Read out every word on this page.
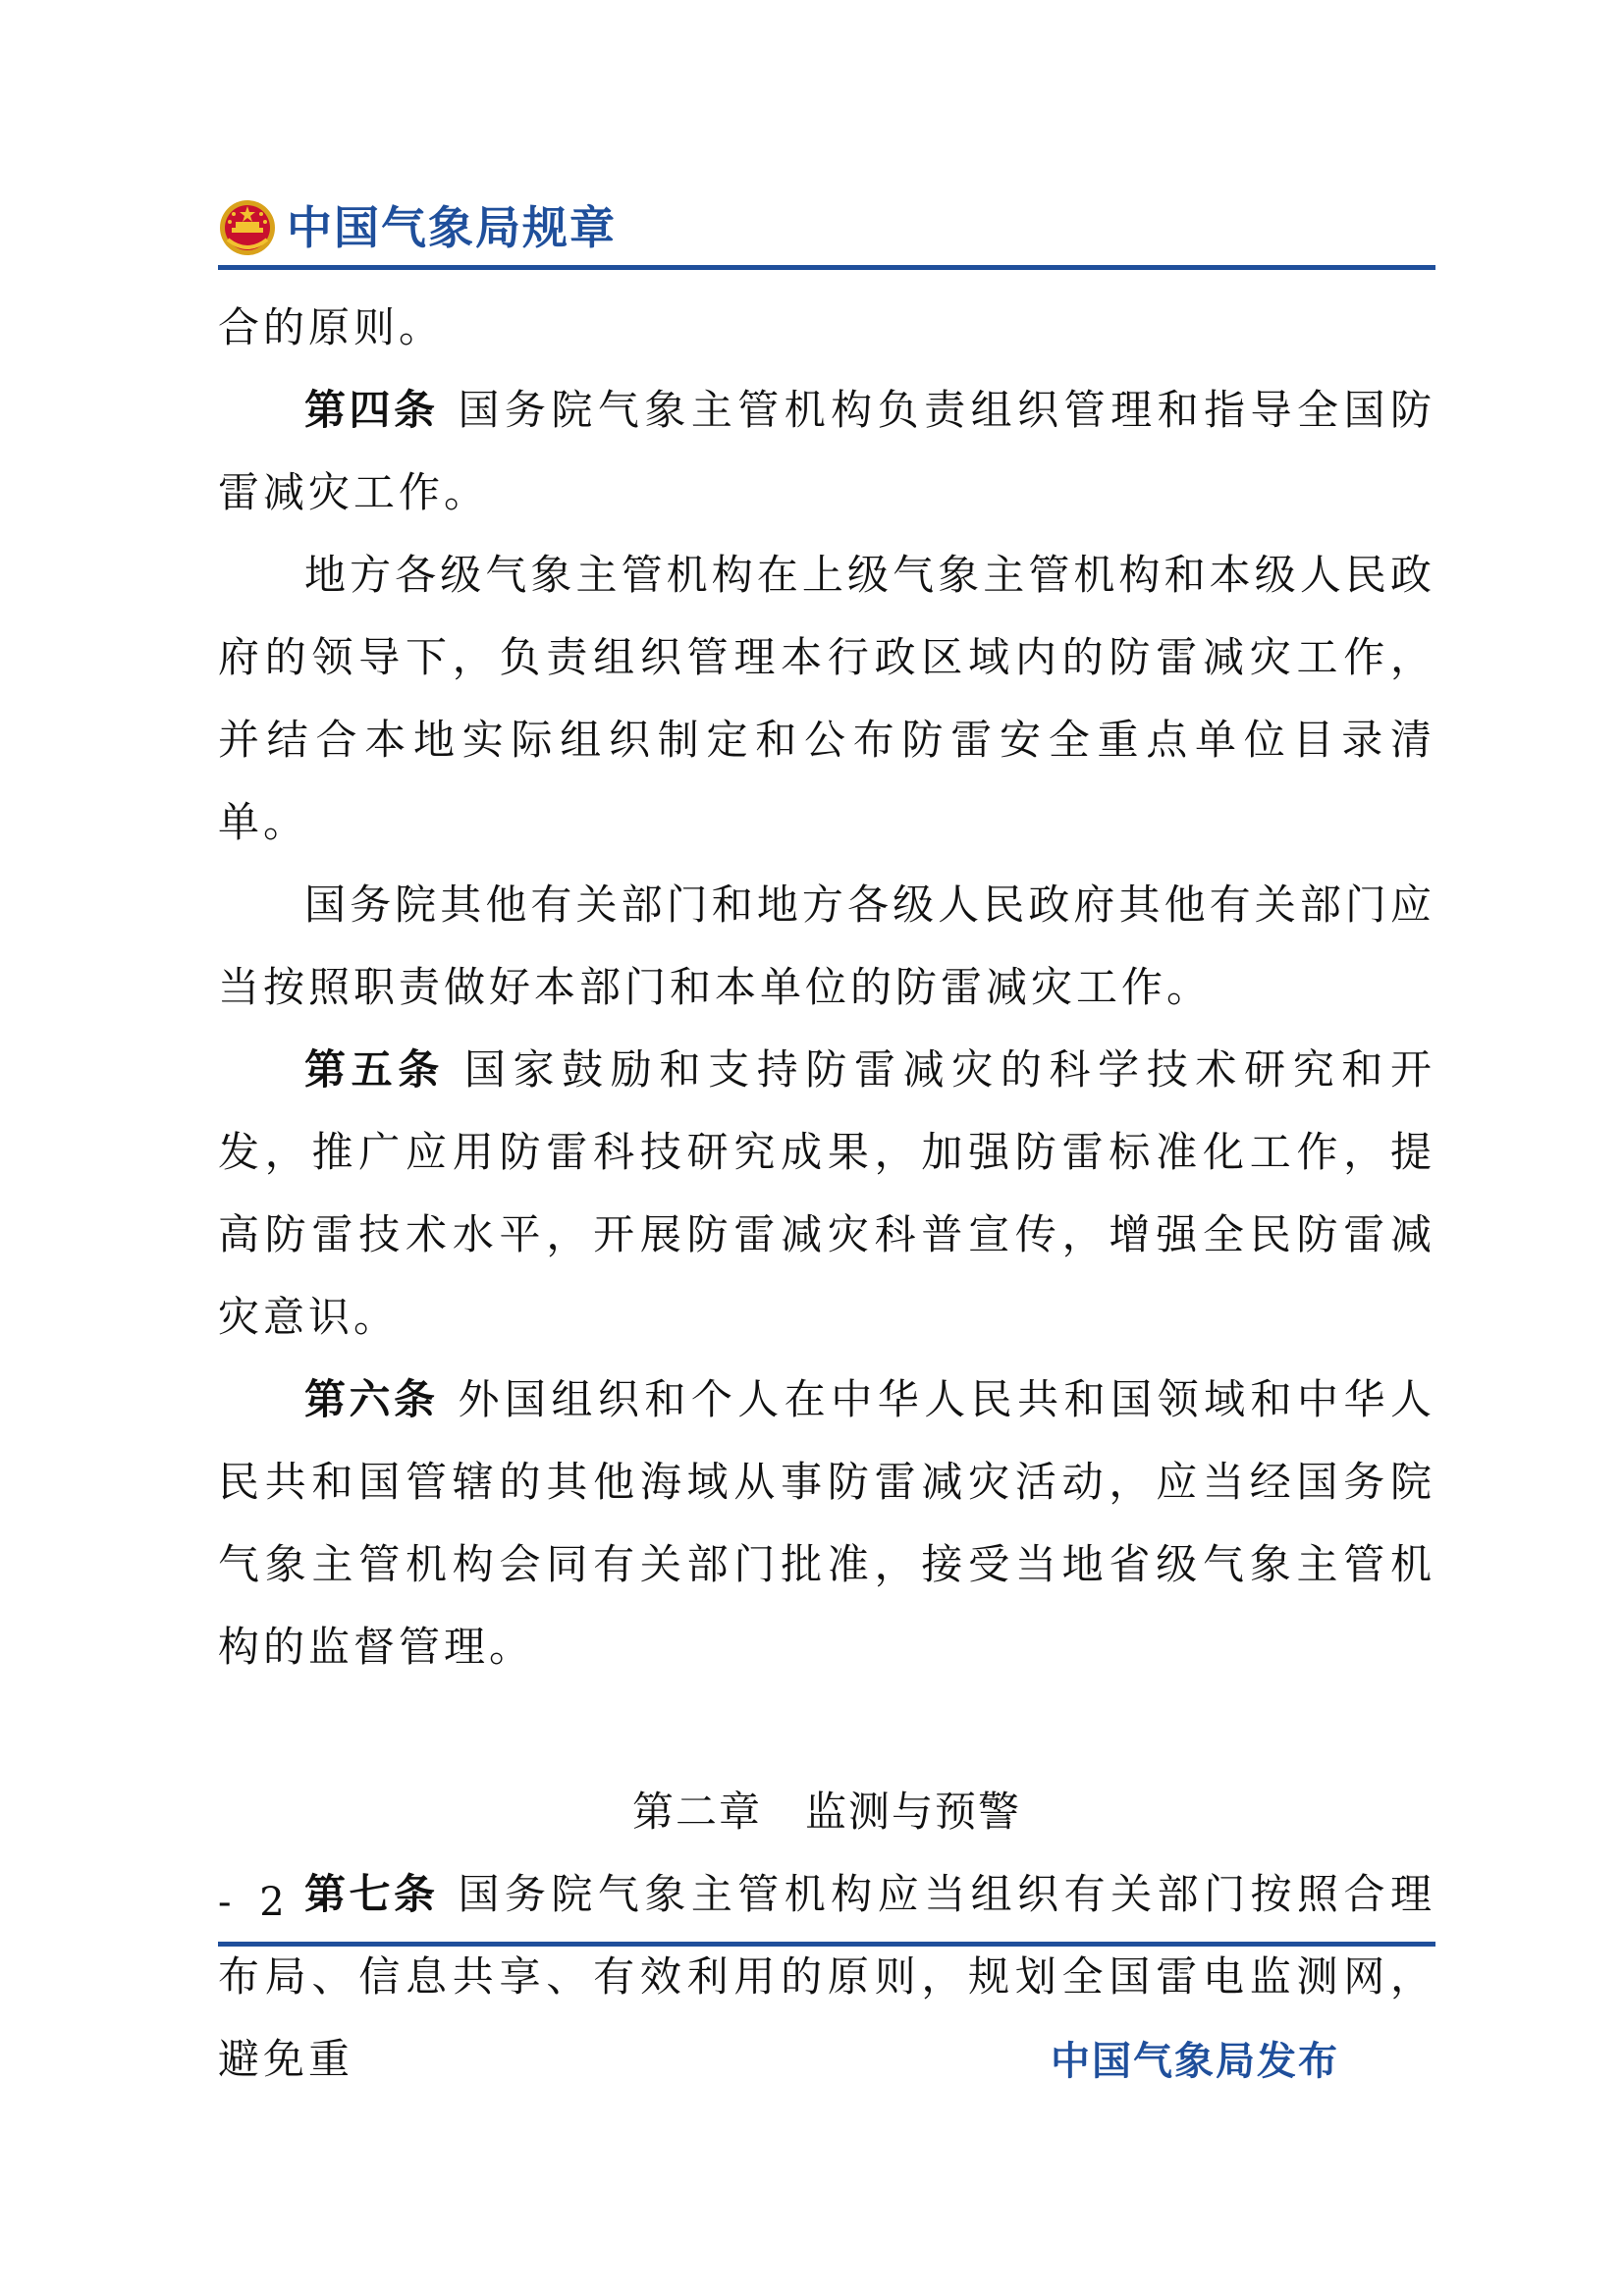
中国气象局规章

合的原则。

第四条 国务院气象主管机构负责组织管理和指导全国防雷减灾工作。

地方各级气象主管机构在上级气象主管机构和本级人民政府的领导下，负责组织管理本行政区域内的防雷减灾工作，并结合本地实际组织制定和公布防雷安全重点单位目录清单。

国务院其他有关部门和地方各级人民政府其他有关部门应当按照职责做好本部门和本单位的防雷减灾工作。

第五条 国家鼓励和支持防雷减灾的科学技术研究和开发，推广应用防雷科技研究成果，加强防雷标准化工作，提高防雷技术水平，开展防雷减灾科普宣传，增强全民防雷减灾意识。

第六条 外国组织和个人在中华人民共和国领域和中华人民共和国管辖的其他海域从事防雷减灾活动，应当经国务院气象主管机构会同有关部门批准，接受当地省级气象主管机构的监督管理。

第二章　监测与预警

第七条 国务院气象主管机构应当组织有关部门按照合理布局、信息共享、有效利用的原则，规划全国雷电监测网，避免重

- 2 -
中国气象局发布
